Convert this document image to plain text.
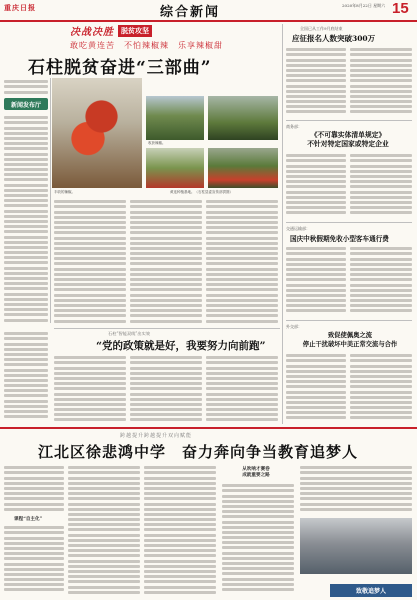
重庆日报	综合新闻	2020年8月22日 星期六 15
决战决胜	脱贫攻坚
敢吃黄连苦　不怕辣椒辣　乐享辣椒甜
石柱脱贫奋进“三部曲”
新闻发布厅
丰收的辣椒。
收获辣椒。
黄连种植基地。（石柱县委宣传部供图）
全国已从工作9月底结束
应征报名人数突破300万
商务部：
《不可靠实体清单规定》
不针对特定国家或特定企业
交通运输部：
国庆中秋假期免收小型客车通行费
外交部：
致促使佩奥之流
停止干扰破坏中美正常交流与合作
石柱“智能双线”出实效
“党的政策就是好，我要努力向前跑”
跨越提升跨越提升双向赋能
江北区徐悲鸿中学　奋力奔向争当教育追梦人
课程“自主化”
从吹响才赛卷
成就重要之路
致敬追梦人
